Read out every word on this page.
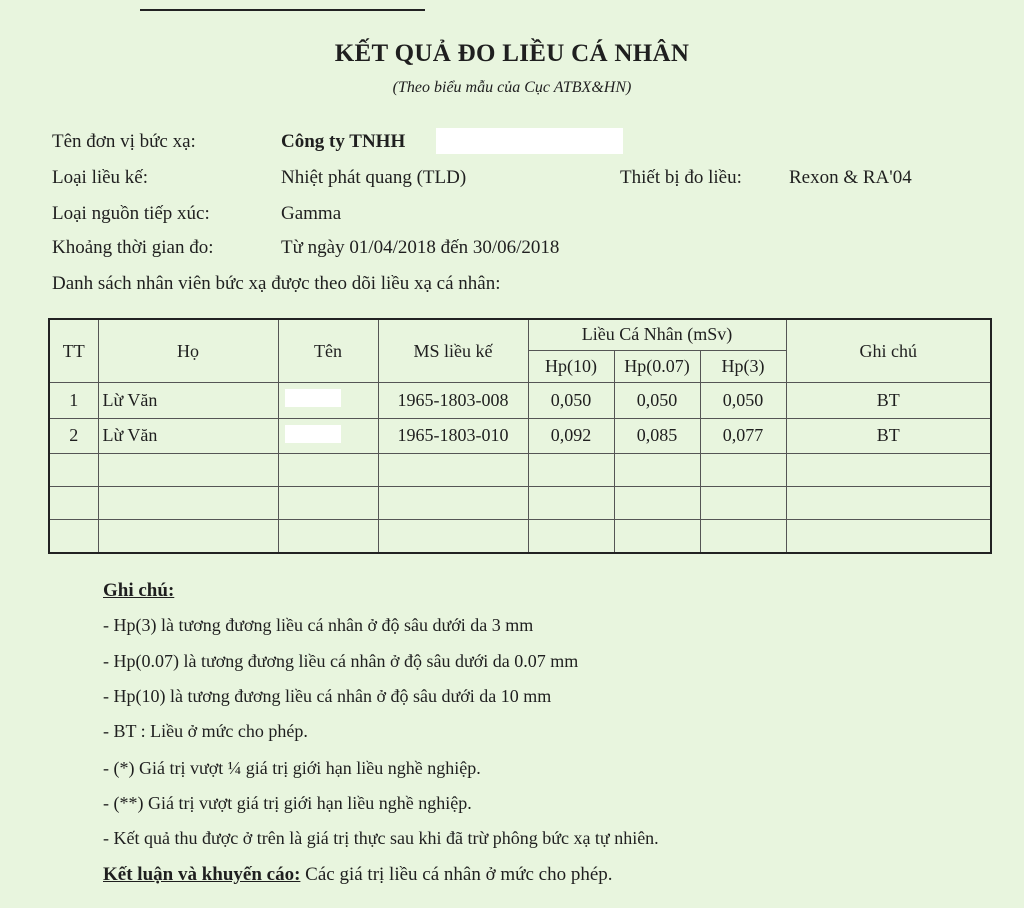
KẾT QUẢ ĐO LIỀU CÁ NHÂN
(Theo biểu mẫu của Cục ATBX&HN)
Tên đơn vị bức xạ:	Công ty TNHH
Loại liều kế:	Nhiệt phát quang (TLD)	Thiết bị đo liều: Rexon & RA'04
Loại nguồn tiếp xúc:	Gamma
Khoảng thời gian đo:	Từ ngày 01/04/2018 đến 30/06/2018
Danh sách nhân viên bức xạ được theo dõi liều xạ cá nhân:
TT	Họ	Tên	MS liều kế	Liều Cá Nhân (mSv)			Ghi chú
				Hp(10)	Hp(0.07)	Hp(3)	
1	Lừ Văn		1965-1803-008	0,050	0,050	0,050	BT
2	Lừ Văn		1965-1803-010	0,092	0,085	0,077	BT

Ghi chú:
- Hp(3) là tương đương liều cá nhân ở độ sâu dưới da 3 mm
- Hp(0.07) là tương đương liều cá nhân ở độ sâu dưới da 0.07 mm
- Hp(10) là tương đương liều cá nhân ở độ sâu dưới da 10 mm
- BT : Liều ở mức cho phép.
- (*) Giá trị vượt ¼ giá trị giới hạn liều nghề nghiệp.
- (**) Giá trị vượt giá trị giới hạn liều nghề nghiệp.
- Kết quả thu được ở trên là giá trị thực sau khi đã trừ phông bức xạ tự nhiên.
Kết luận và khuyến cáo: Các giá trị liều cá nhân ở mức cho phép.
